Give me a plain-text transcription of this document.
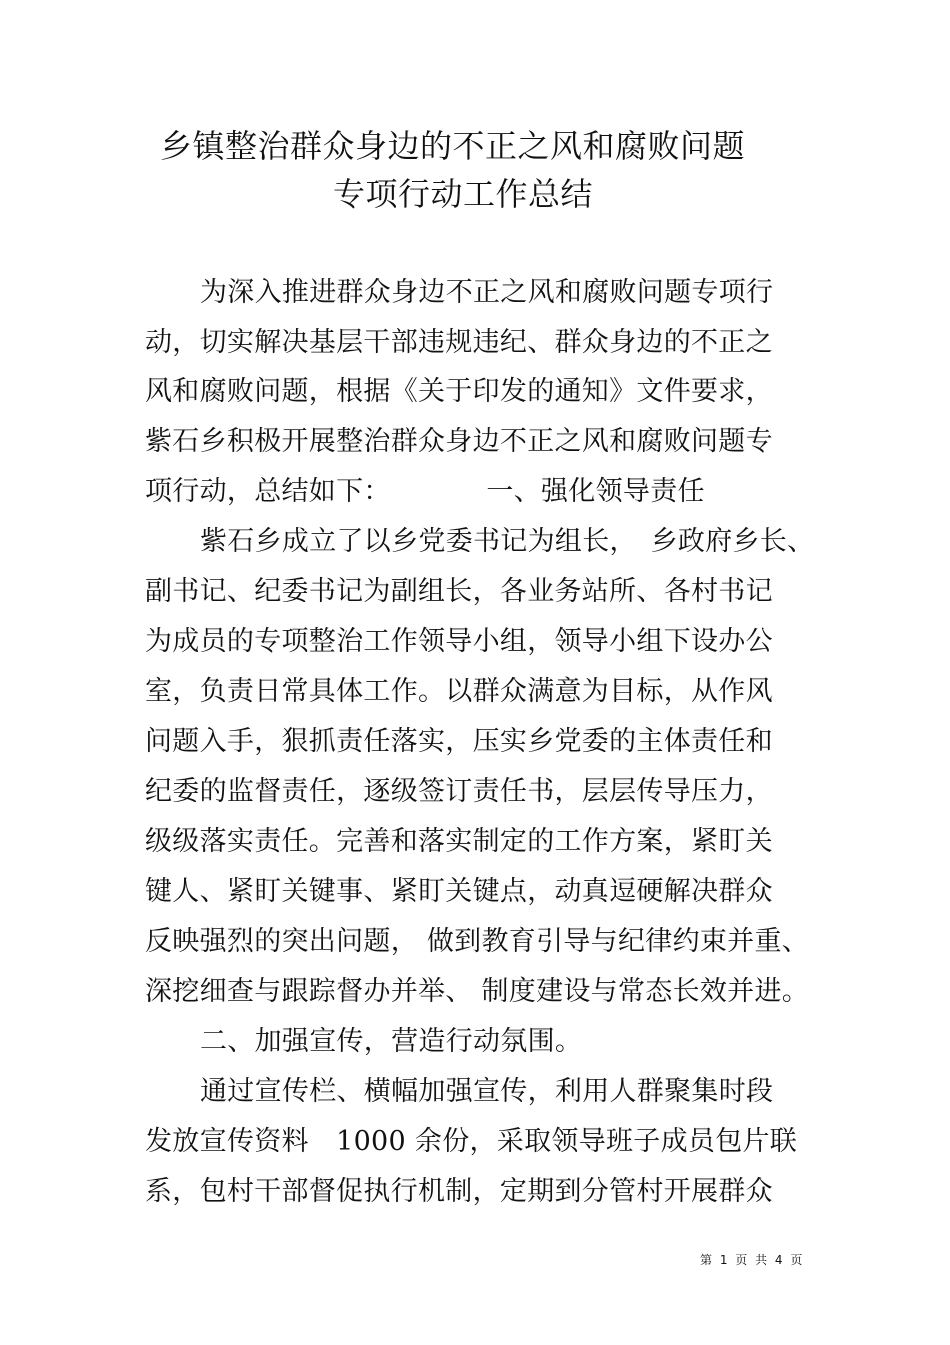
乡镇整治群众身边的不正之风和腐败问题
专项行动工作总结
为深入推进群众身边不正之风和腐败问题专项行
动，切实解决基层干部违规违纪、群众身边的不正之
风和腐败问题，根据《关于印发的通知》文件要求，
紫石乡积极开展整治群众身边不正之风和腐败问题专
项行动，总结如下：　　　　一、强化领导责任
紫石乡成立了以乡党委书记为组长，　乡政府乡长、
副书记、纪委书记为副组长，各业务站所、各村书记
为成员的专项整治工作领导小组，领导小组下设办公
室，负责日常具体工作。以群众满意为目标，从作风
问题入手，狠抓责任落实，压实乡党委的主体责任和
纪委的监督责任，逐级签订责任书，层层传导压力，
级级落实责任。完善和落实制定的工作方案，紧盯关
键人、紧盯关键事、紧盯关键点，动真逗硬解决群众
反映强烈的突出问题， 做到教育引导与纪律约束并重、
深挖细查与跟踪督办并举、 制度建设与常态长效并进。
二、加强宣传，营造行动氛围。
通过宣传栏、横幅加强宣传，利用人群聚集时段
发放宣传资料　1000 余份，采取领导班子成员包片联
系，包村干部督促执行机制，定期到分管村开展群众
第 1 页 共 4 页
